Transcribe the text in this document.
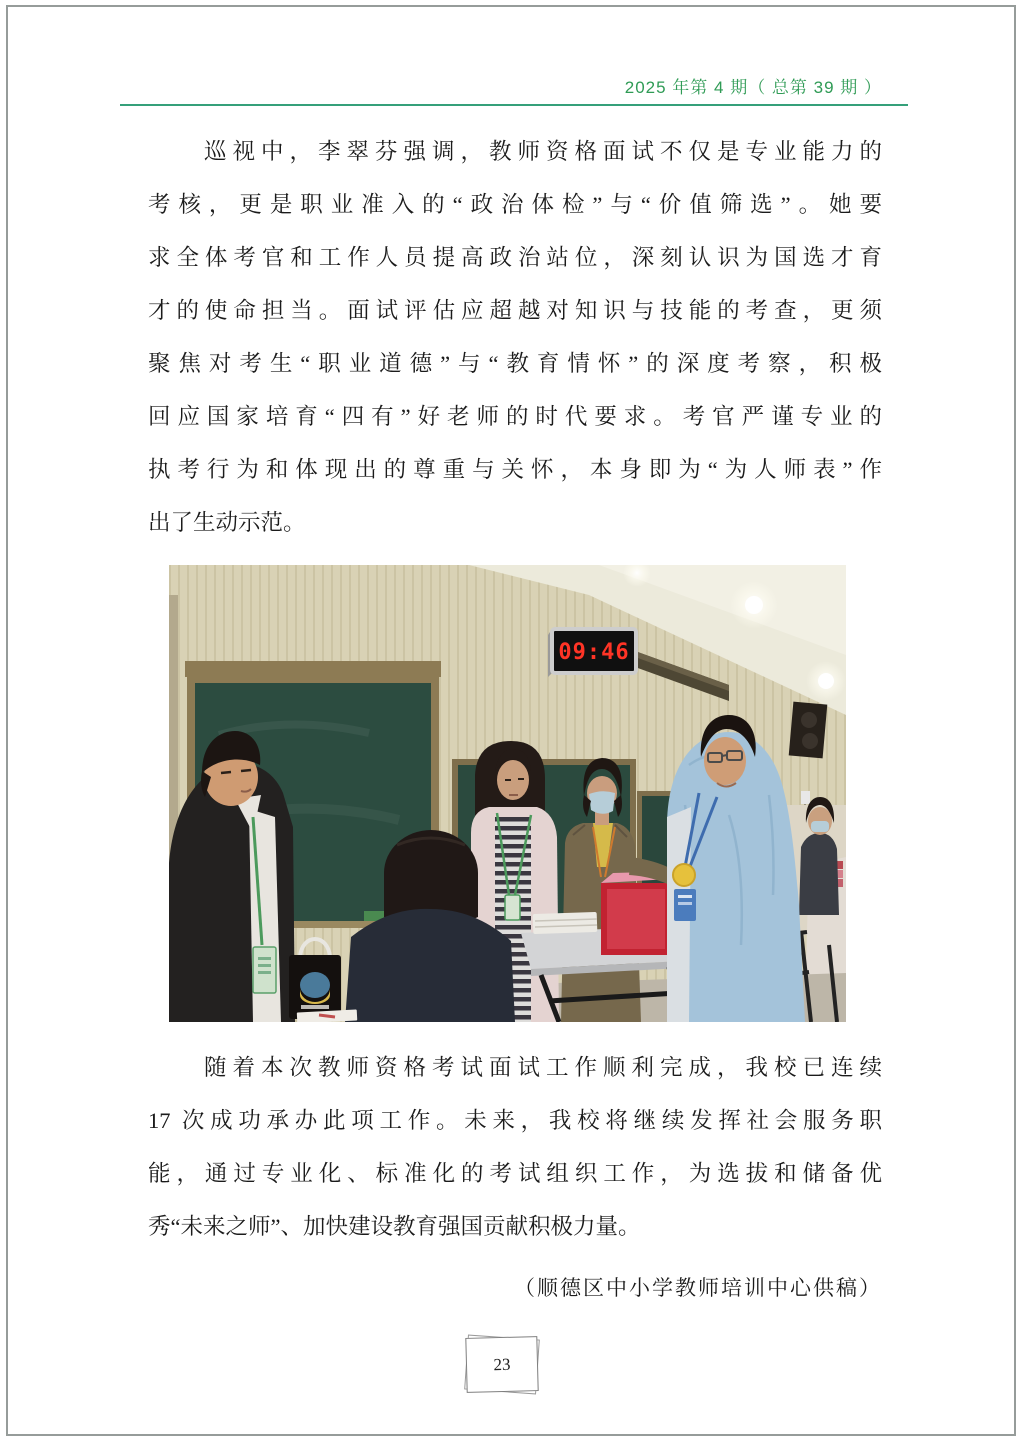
2025 年第 4 期（ 总第 39 期 ）
巡视中，李翠芬强调，教师资格面试不仅是专业能力的
考核，更是职业准入的“政治体检”与“价值筛选”。她要
求全体考官和工作人员提高政治站位，深刻认识为国选才育
才的使命担当。面试评估应超越对知识与技能的考查，更须
聚焦对考生“职业道德”与“教育情怀”的深度考察，积极
回应国家培育“四有”好老师的时代要求。考官严谨专业的
执考行为和体现出的尊重与关怀，本身即为“为人师表”作
出了生动示范。
09:46
随着本次教师资格考试面试工作顺利完成，我校已连续
17 次成功承办此项工作。未来，我校将继续发挥社会服务职
能，通过专业化、标准化的考试组织工作，为选拔和储备优
秀“未来之师”、加快建设教育强国贡献积极力量。
（顺德区中小学教师培训中心供稿）
23
